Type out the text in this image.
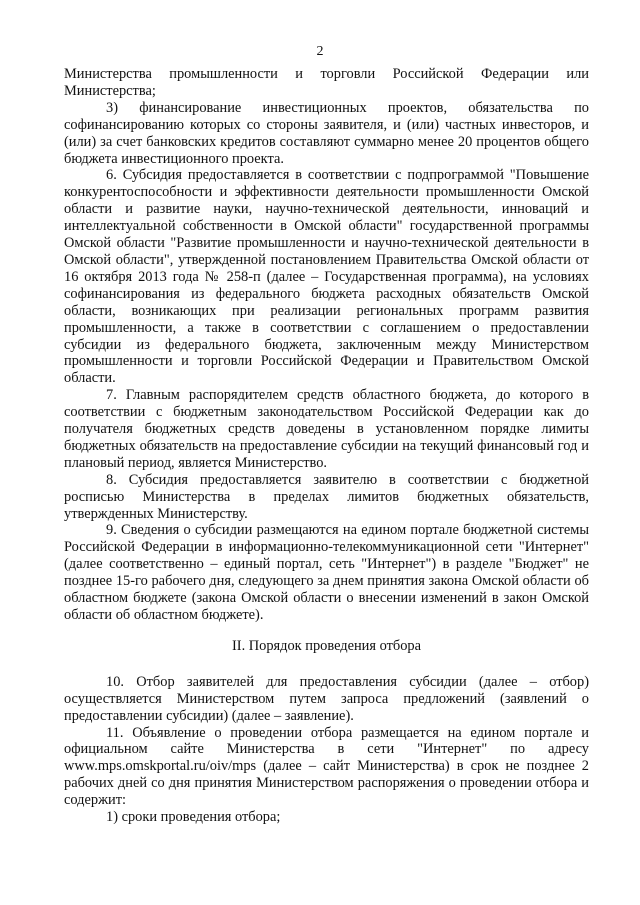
2

Министерства промышленности и торговли Российской Федерации или Министерства;

3) финансирование инвестиционных проектов, обязательства по софинансированию которых со стороны заявителя, и (или) частных инвесторов, и (или) за счет банковских кредитов составляют суммарно менее 20 процентов общего бюджета инвестиционного проекта.

6. Субсидия предоставляется в соответствии с подпрограммой "Повышение конкурентоспособности и эффективности деятельности промышленности Омской области и развитие науки, научно-технической деятельности, инноваций и интеллектуальной собственности в Омской области" государственной программы Омской области "Развитие промышленности и научно-технической деятельности в Омской области", утвержденной постановлением Правительства Омской области от 16 октября 2013 года № 258-п (далее – Государственная программа), на условиях софинансирования из федерального бюджета расходных обязательств Омской области, возникающих при реализации региональных программ развития промышленности, а также в соответствии с соглашением о предоставлении субсидии из федерального бюджета, заключенным между Министерством промышленности и торговли Российской Федерации и Правительством Омской области.

7. Главным распорядителем средств областного бюджета, до которого в соответствии с бюджетным законодательством Российской Федерации как до получателя бюджетных средств доведены в установленном порядке лимиты бюджетных обязательств на предоставление субсидии на текущий финансовый год и плановый период, является Министерство.

8. Субсидия предоставляется заявителю в соответствии с бюджетной росписью Министерства в пределах лимитов бюджетных обязательств, утвержденных Министерству.

9. Сведения о субсидии размещаются на едином портале бюджетной системы Российской Федерации в информационно-телекоммуникационной сети "Интернет" (далее соответственно – единый портал, сеть "Интернет") в разделе "Бюджет" не позднее 15-го рабочего дня, следующего за днем принятия закона Омской области об областном бюджете (закона Омской области о внесении изменений в закон Омской области об областном бюджете).

II. Порядок проведения отбора

10. Отбор заявителей для предоставления субсидии (далее – отбор) осуществляется Министерством путем запроса предложений (заявлений о предоставлении субсидии) (далее – заявление).

11. Объявление о проведении отбора размещается на едином портале и официальном сайте Министерства в сети "Интернет" по адресу www.mps.omskportal.ru/oiv/mps (далее – сайт Министерства) в срок не позднее 2 рабочих дней со дня принятия Министерством распоряжения о проведении отбора и содержит:

1) сроки проведения отбора;
